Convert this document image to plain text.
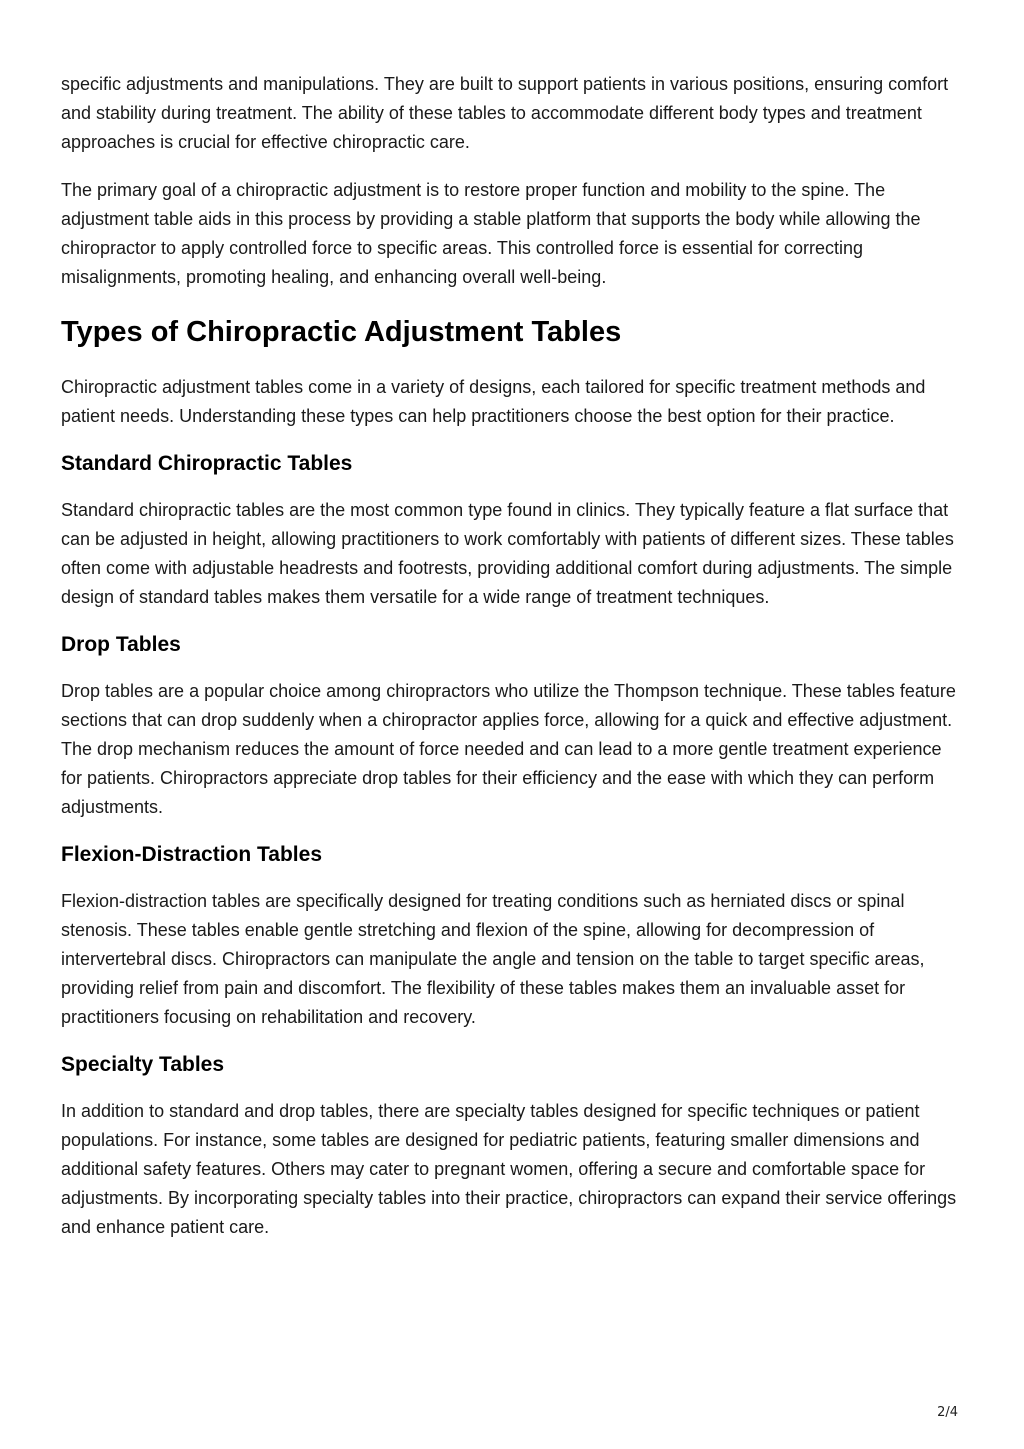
specific adjustments and manipulations. They are built to support patients in various positions, ensuring comfort and stability during treatment. The ability of these tables to accommodate different body types and treatment approaches is crucial for effective chiropractic care.

The primary goal of a chiropractic adjustment is to restore proper function and mobility to the spine. The adjustment table aids in this process by providing a stable platform that supports the body while allowing the chiropractor to apply controlled force to specific areas. This controlled force is essential for correcting misalignments, promoting healing, and enhancing overall well-being.

Types of Chiropractic Adjustment Tables

Chiropractic adjustment tables come in a variety of designs, each tailored for specific treatment methods and patient needs. Understanding these types can help practitioners choose the best option for their practice.

Standard Chiropractic Tables

Standard chiropractic tables are the most common type found in clinics. They typically feature a flat surface that can be adjusted in height, allowing practitioners to work comfortably with patients of different sizes. These tables often come with adjustable headrests and footrests, providing additional comfort during adjustments. The simple design of standard tables makes them versatile for a wide range of treatment techniques.

Drop Tables

Drop tables are a popular choice among chiropractors who utilize the Thompson technique. These tables feature sections that can drop suddenly when a chiropractor applies force, allowing for a quick and effective adjustment. The drop mechanism reduces the amount of force needed and can lead to a more gentle treatment experience for patients. Chiropractors appreciate drop tables for their efficiency and the ease with which they can perform adjustments.

Flexion-Distraction Tables

Flexion-distraction tables are specifically designed for treating conditions such as herniated discs or spinal stenosis. These tables enable gentle stretching and flexion of the spine, allowing for decompression of intervertebral discs. Chiropractors can manipulate the angle and tension on the table to target specific areas, providing relief from pain and discomfort. The flexibility of these tables makes them an invaluable asset for practitioners focusing on rehabilitation and recovery.

Specialty Tables

In addition to standard and drop tables, there are specialty tables designed for specific techniques or patient populations. For instance, some tables are designed for pediatric patients, featuring smaller dimensions and additional safety features. Others may cater to pregnant women, offering a secure and comfortable space for adjustments. By incorporating specialty tables into their practice, chiropractors can expand their service offerings and enhance patient care.

2/4
